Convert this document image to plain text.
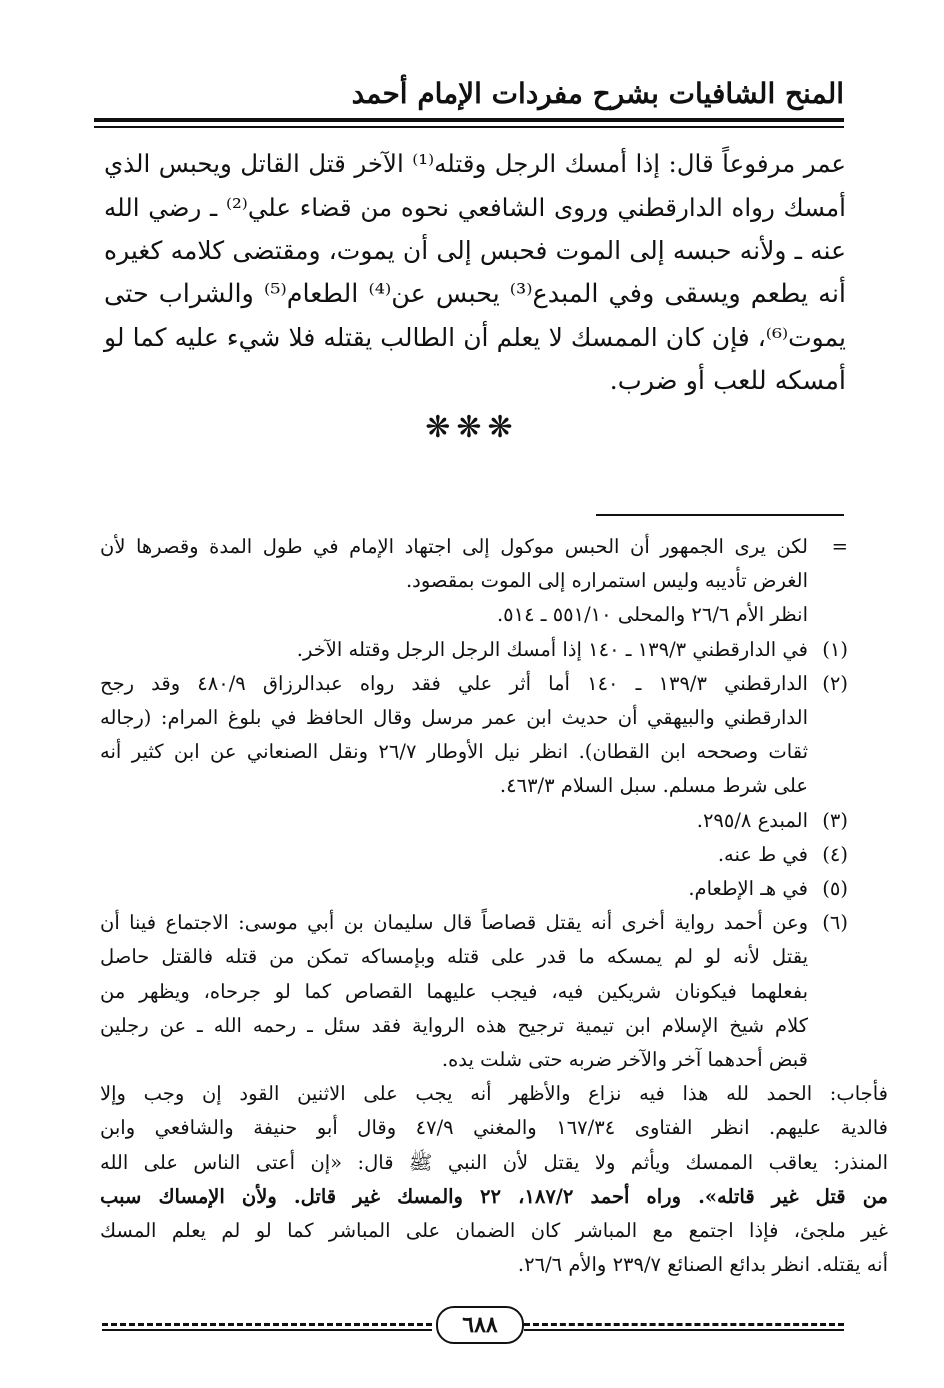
المنح الشافيات بشرح مفردات الإمام أحمد

عمر مرفوعاً قال: إذا أمسك الرجل وقتله⁽¹⁾ الآخر قتل القاتل ويحبس الذي

أمسك رواه الدارقطني وروى الشافعي نحوه من قضاء علي⁽²⁾ ـ رضي الله

عنه ـ ولأنه حبسه إلى الموت فحبس إلى أن يموت، ومقتضى كلامه كغيره

أنه يطعم ويسقى وفي المبدع⁽³⁾ يحبس عن⁽⁴⁾ الطعام⁽⁵⁾ والشراب حتى

يموت⁽⁶⁾، فإن كان الممسك لا يعلم أن الطالب يقتله فلا شيء عليه كما لو

أمسكه للعب أو ضرب.

❋❋❋
=

لكن يرى الجمهور أن الحبس موكول إلى اجتهاد الإمام في طول المدة وقصرها لأن

الغرض تأديبه وليس استمراره إلى الموت بمقصود.

انظر الأم ٢٦/٦ والمحلى ٥٥١/١٠ ـ ٥١٤.

(١)

في الدارقطني ١٣٩/٣ ـ ١٤٠ إذا أمسك الرجل الرجل وقتله الآخر.

(٢)

الدارقطني ١٣٩/٣ ـ ١٤٠ أما أثر علي فقد رواه عبدالرزاق ٤٨٠/٩ وقد رجح

الدارقطني والبيهقي أن حديث ابن عمر مرسل وقال الحافظ في بلوغ المرام: (رجاله

ثقات وصححه ابن القطان). انظر نيل الأوطار ٢٦/٧ ونقل الصنعاني عن ابن كثير أنه

على شرط مسلم. سبل السلام ٤٦٣/٣.

(٣)

المبدع ٢٩٥/٨.

(٤)

في ط عنه.

(٥)

في هـ الإطعام.

(٦)

وعن أحمد رواية أخرى أنه يقتل قصاصاً قال سليمان بن أبي موسى: الاجتماع فينا أن

يقتل لأنه لو لم يمسكه ما قدر على قتله وبإمساكه تمكن من قتله فالقتل حاصل

بفعلهما فيكونان شريكين فيه، فيجب عليهما القصاص كما لو جرحاه، ويظهر من

كلام شيخ الإسلام ابن تيمية ترجيح هذه الرواية فقد سئل ـ رحمه الله ـ عن رجلين

قبض أحدهما آخر والآخر ضربه حتى شلت يده.

فأجاب: الحمد لله هذا فيه نزاع والأظهر أنه يجب على الاثنين القود إن وجب وإلا

فالدية عليهم. انظر الفتاوى ١٦٧/٣٤ والمغني ٤٧/٩ وقال أبو حنيفة والشافعي وابن

المنذر: يعاقب الممسك ويأثم ولا يقتل لأن النبي ﷺ قال: «إن أعتى الناس على الله

من قتل غير قاتله». وراه أحمد ١٨٧/٢، ٢٢ والمسك غير قاتل. ولأن الإمساك سبب

غير ملجئ، فإذا اجتمع مع المباشر كان الضمان على المباشر كما لو لم يعلم المسك

أنه يقتله. انظر بدائع الصنائع ٢٣٩/٧ والأم ٢٦/٦.

٦٨٨
